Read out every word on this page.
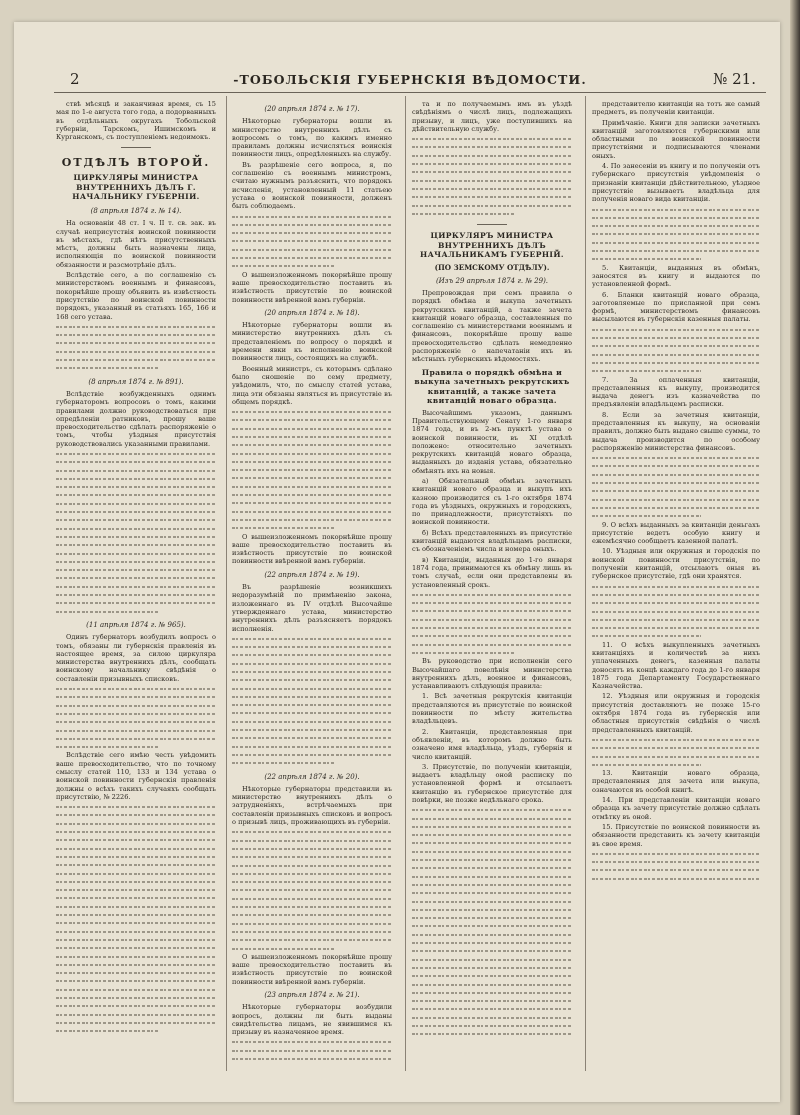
2	-ТОБОЛЬСКIЯ ГУБЕРНСКIЯ ВѢДОМОСТИ.	№ 21.

ствѣ мѣсяцѣ и заканчивая время, съ 15 мая по 1-е августа того года, а подорванныхъ въ отдѣльныхъ округахъ Тобольской губернiи, Тарскомъ, Ишимскомъ и Курганскомъ, съ поступленiемъ недоимокъ.

ОТДѢЛЪ ВТОРОЙ.
ЦИРКУЛЯРЫ МИНИСТРА ВНУТРЕННИХЪ ДѢЛЪ Г. НАЧАЛЬНИКУ ГУБЕРНIИ.
(8 апрѣля 1874 г. № 14).

На основанiи 48 ст. I ч. II т. св. зак. въ случаѣ неприсутствiя воинской повинности въ мѣстахъ, гдѣ нѣтъ присутственныхъ мѣстъ, должны быть назначены лица, исполняющiя по воинской повинности обязанности и разсмотрѣнiе дѣлъ.

Вслѣдствiе сего, а по соглашенiю съ министерствомъ военнымъ и финансовъ, покорнѣйше прошу объявить въ извѣстность присутствiю по воинской повинности порядокъ, указанный въ статьяхъ 165, 166 и 168 сего устава.

(8 апрѣля 1874 г. № 891).

Вслѣдствiе возбужденныхъ однимъ губернаторомъ вопросовъ о томъ, какими правилами должно руководствоваться при опредѣленiи ратниковъ, прошу ваше превосходительство сдѣлать распоряженiе о томъ, чтобы уѣздныя присутствiя руководствовались указанными правилами.

(11 апрѣля 1874 г. № 965).

Одинъ губернаторъ возбудилъ вопросъ о томъ, обязаны ли губернскiя правленiя въ настоящее время, за силою циркуляра министерства внутреннихъ дѣлъ, сообщать воинскому начальнику свѣдѣнiя о составленiи призывныхъ списковъ.

Вслѣдствiе сего имѣю честь увѣдомить ваше превосходительство, что по точному смыслу статей 110, 133 и 134 устава о воинской повинности губернскiя правленiя должны о всѣхъ такихъ случаяхъ сообщать присутствiю, № 2226.

(20 апрѣля 1874 г. № 17).

Нѣкоторые губернаторы вошли въ министерство внутреннихъ дѣлъ съ вопросомъ о томъ, по какимъ именно правиламъ должны исчисляться воинскiя повинности лицъ, опредѣленныхъ на службу.

Въ разрѣшенiе сего вопроса, я, по соглашенiю съ военнымъ министромъ, считаю нужнымъ разъяснить, что порядокъ исчисленiя, установленный 11 статьею устава о воинской повинности, долженъ быть соблюдаемъ.

О вышеизложенномъ покорнѣйше прошу ваше превосходительство поставить въ извѣстность присутствiе по воинской повинности ввѣренной вамъ губернiи.

(20 апрѣля 1874 г. № 18).

Нѣкоторые губернаторы вошли въ министерство внутреннихъ дѣлъ съ представленiемъ по вопросу о порядкѣ и времени явки къ исполненiю воинской повинности лицъ, состоящихъ на службѣ.

Военный министръ, съ которымъ сдѣлано было сношенiе по сему предмету, увѣдомилъ, что, по смыслу статей устава, лица эти обязаны являться въ присутствiе въ общемъ порядкѣ.

О вышеизложенномъ покорнѣйше прошу ваше превосходительство поставить въ извѣстность присутствiе по воинской повинности ввѣренной вамъ губернiи.

(22 апрѣля 1874 г. № 19).

Въ разрѣшенiе возникшихъ недоразумѣнiй по примѣненiю закона, изложеннаго въ IV отдѣлѣ Высочайше утвержденнаго устава, министерство внутреннихъ дѣлъ разъясняетъ порядокъ исполненiя.

(22 апрѣля 1874 г. № 20).

Нѣкоторые губернаторы представили въ министерство внутреннихъ дѣлъ о затрудненiяхъ, встрѣчаемыхъ при составленiи призывныхъ списковъ и вопросъ о призывѣ лицъ, проживающихъ въ губернiи.

О вышеизложенномъ покорнѣйше прошу ваше превосходительство поставить въ извѣстность присутствiе по воинской повинности ввѣренной вамъ губернiи.

(23 апрѣля 1874 г. № 21).

Нѣкоторые губернаторы возбудили вопросъ, должны ли быть выданы свидѣтельства лицамъ, не явившимся къ призыву въ назначенное время.

та и по получаемымъ имъ въ уѣздѣ свѣдѣнiямъ о числѣ лицъ, подлежащихъ призыву, и лицъ, уже поступившихъ на дѣйствительную службу.

ЦИРКУЛЯРЪ МИНИСТРА ВНУТРЕННИХЪ ДѢЛЪ НАЧАЛЬНИКАМЪ ГУБЕРНIЙ.
(ПО ЗЕМСКОМУ ОТДѢЛУ).
(Изъ 29 апрѣля 1874 г. № 29).

Препровождая при семъ правила о порядкѣ обмѣна и выкупа зачетныхъ рекрутскихъ квитанцiй, а также зачета квитанцiй новаго образца, составленныя по соглашенiю съ министерствами военнымъ и финансовъ, покорнѣйше прошу ваше превосходительство сдѣлать немедленно распоряженiе о напечатанiи ихъ въ мѣстныхъ губернскихъ вѣдомостяхъ.

Правила о порядкѣ обмѣна и выкупа зачетныхъ рекрутскихъ квитанцiй, а также зачета квитанцiй новаго образца.

Высочайшимъ указомъ, даннымъ Правительствующему Сенату 1-го января 1874 года, и въ 2-мъ пунктѣ устава о воинской повинности, въ XI отдѣлѣ положено: относительно зачетныхъ рекрутскихъ квитанцiй новаго образца, выданныхъ до изданiя устава, обязательно обмѣнять ихъ на новыя.

а) Обязательный обмѣнъ зачетныхъ квитанцiй новаго образца и выкупъ ихъ казною производится съ 1-го октября 1874 года въ уѣздныхъ, окружныхъ и городскихъ, по принадлежности, присутствiяхъ по воинской повинности.

б) Всѣхъ представленныхъ въ присутствiе квитанцiй выдаются владѣльцамъ расписки, съ обозначенiемъ числа и номера оныхъ.

в) Квитанцiи, выданныя до 1-го января 1874 года, принимаются къ обмѣну лишь въ томъ случаѣ, если они представлены въ установленный срокъ.

Въ руководство при исполненiи сего Высочайшаго повелѣнiя министерства внутреннихъ дѣлъ, военное и финансовъ, устанавливаютъ слѣдующiя правила:

1. Всѣ зачетныя рекрутскiя квитанцiи представляются въ присутствiе по воинской повинности по мѣсту жительства владѣльцевъ.

2. Квитанцiи, представленныя при объявленiи, въ которомъ должно быть означено имя владѣльца, уѣздъ, губернiя и число квитанцiй.

3. Присутствiе, по полученiи квитанцiи, выдаетъ владѣльцу оной расписку по установленной формѣ и отсылаетъ квитанцiю въ губернское присутствiе для повѣрки, не позже недѣльнаго срока.

представителю квитанцiи на тотъ же самый предметъ, въ полученiи квитанцiи.

Примѣчанiе. Книги для записки зачетныхъ квитанцiй заготовляются губернскими или областными по воинской повинности присутствiями и подписываются членами оныхъ.

4. По занесенiи въ книгу и по полученiи отъ губернскаго присутствiя увѣдомленiя о признанiи квитанцiи дѣйствительною, уѣздное присутствiе вызываетъ владѣльца для полученiя новаго вида квитанцiи.

5. Квитанцiи, выданныя въ обмѣнъ, заносятся въ книгу и выдаются по установленной формѣ.

6. Бланки квитанцiй новаго образца, заготовляемые по присланной при семъ формѣ, министерствомъ финансовъ высылаются въ губернскiя казенныя палаты.

7. За оплаченныя квитанцiи, представленныя къ выкупу, производится выдача денегъ изъ казначейства по предъявленiи владѣльцемъ расписки.

8. Если за зачетныя квитанцiи, представленныя къ выкупу, на основанiи правилъ, должно быть выдано свыше суммы, то выдача производится по особому распоряженiю министерства финансовъ.

9. О всѣхъ выданныхъ за квитанцiи деньгахъ присутствiе ведетъ особую книгу и ежемѣсячно сообщаетъ казенной палатѣ.

10. Уѣздныя или окружныя и городскiя по воинской повинности присутствiя, по полученiи квитанцiй, отсылаютъ оныя въ губернское присутствiе, гдѣ они хранятся.

11. О всѣхъ выкупленныхъ зачетныхъ квитанцiяхъ и количествѣ за нихъ уплаченныхъ денегъ, казенныя палаты доносятъ въ концѣ каждаго года до 1-го января 1875 года Департаменту Государственнаго Казначейства.

12. Уѣздныя или окружныя и городскiя присутствiя доставляютъ не позже 15-го октября 1874 года въ губернскiя или областныя присутствiя свѣдѣнiя о числѣ представленныхъ квитанцiй.

13. Квитанцiи новаго образца, представленныя для зачета или выкупа, означаются въ особой книгѣ.

14. При представленiи квитанцiи новаго образца къ зачету присутствiе должно сдѣлать отмѣтку въ оной.

15. Присутствiе по воинской повинности въ обязанности представить къ зачету квитанцiи въ свое время.
